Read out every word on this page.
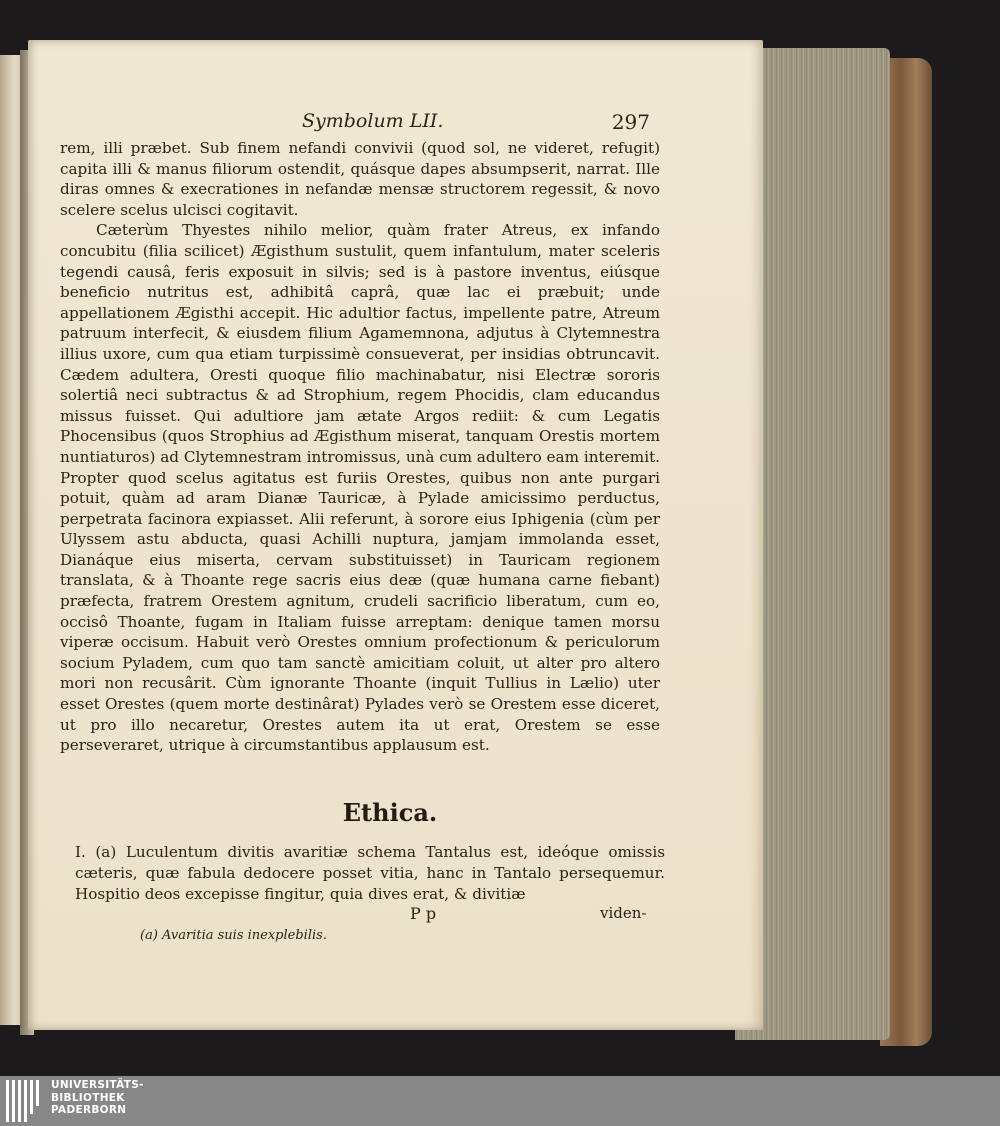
Symbolum LII.	297

rem, illi præbet. Sub finem nefandi convivii (quod sol, ne videret, refugit) capita illi & manus filiorum ostendit, quásque dapes absumpserit, narrat. Ille diras omnes & execrationes in nefandæ mensæ structorem regessit, & novo scelere scelus ulcisci cogitavit.

Cæterùm Thyestes nihilo melior, quàm frater Atreus, ex infando concubitu (filia scilicet) Ægisthum sustulit, quem infantulum, mater sceleris tegendi causâ, feris exposuit in silvis; sed is à pastore inventus, eiúsque beneficio nutritus est, adhibitâ caprâ, quæ lac ei præbuit; unde appellationem Ægisthi accepit. Hic adultior factus, impellente patre, Atreum patruum interfecit, & eiusdem filium Agamemnona, adjutus à Clytemnestra illius uxore, cum qua etiam turpissimè consueverat, per insidias obtruncavit. Cædem adultera, Oresti quoque filio machinabatur, nisi Electræ sororis solertiâ neci subtractus & ad Strophium, regem Phocidis, clam educandus missus fuisset. Qui adultiore jam ætate Argos rediit: & cum Legatis Phocensibus (quos Strophius ad Ægisthum miserat, tanquam Orestis mortem nuntiaturos) ad Clytemnestram intromissus, unà cum adultero eam interemit. Propter quod scelus agitatus est furiis Orestes, quibus non ante purgari potuit, quàm ad aram Dianæ Tauricæ, à Pylade amicissimo perductus, perpetrata facinora expiasset. Alii referunt, à sorore eius Iphigenia (cùm per Ulyssem astu abducta, quasi Achilli nuptura, jamjam immolanda esset, Dianáque eius miserta, cervam substituisset) in Tauricam regionem translata, & à Thoante rege sacris eius deæ (quæ humana carne fiebant) præfecta, fratrem Orestem agnitum, crudeli sacrificio liberatum, cum eo, occisô Thoante, fugam in Italiam fuisse arreptam: denique tamen morsu viperæ occisum. Habuit verò Orestes omnium profectionum & periculorum socium Pyladem, cum quo tam sanctè amicitiam coluit, ut alter pro altero mori non recusârit. Cùm ignorante Thoante (inquit Tullius in Lælio) uter esset Orestes (quem morte destinârat) Pylades verò se Orestem esse diceret, ut pro illo necaretur, Orestes autem ita ut erat, Orestem se esse perseveraret, utrique à circumstantibus applausum est.

Ethica.
I. (a) Luculentum divitis avaritiæ schema Tantalus est, ideóque omissis cæteris, quæ fabula dedocere posset vitia, hanc in Tantalo persequemur. Hospitio deos excepisse fingitur, quia dives erat, & divitiæ
P p	viden-
(a) Avaritia suis inexplebilis.
UNIVERSITÄTS-
BIBLIOTHEK
PADERBORN
